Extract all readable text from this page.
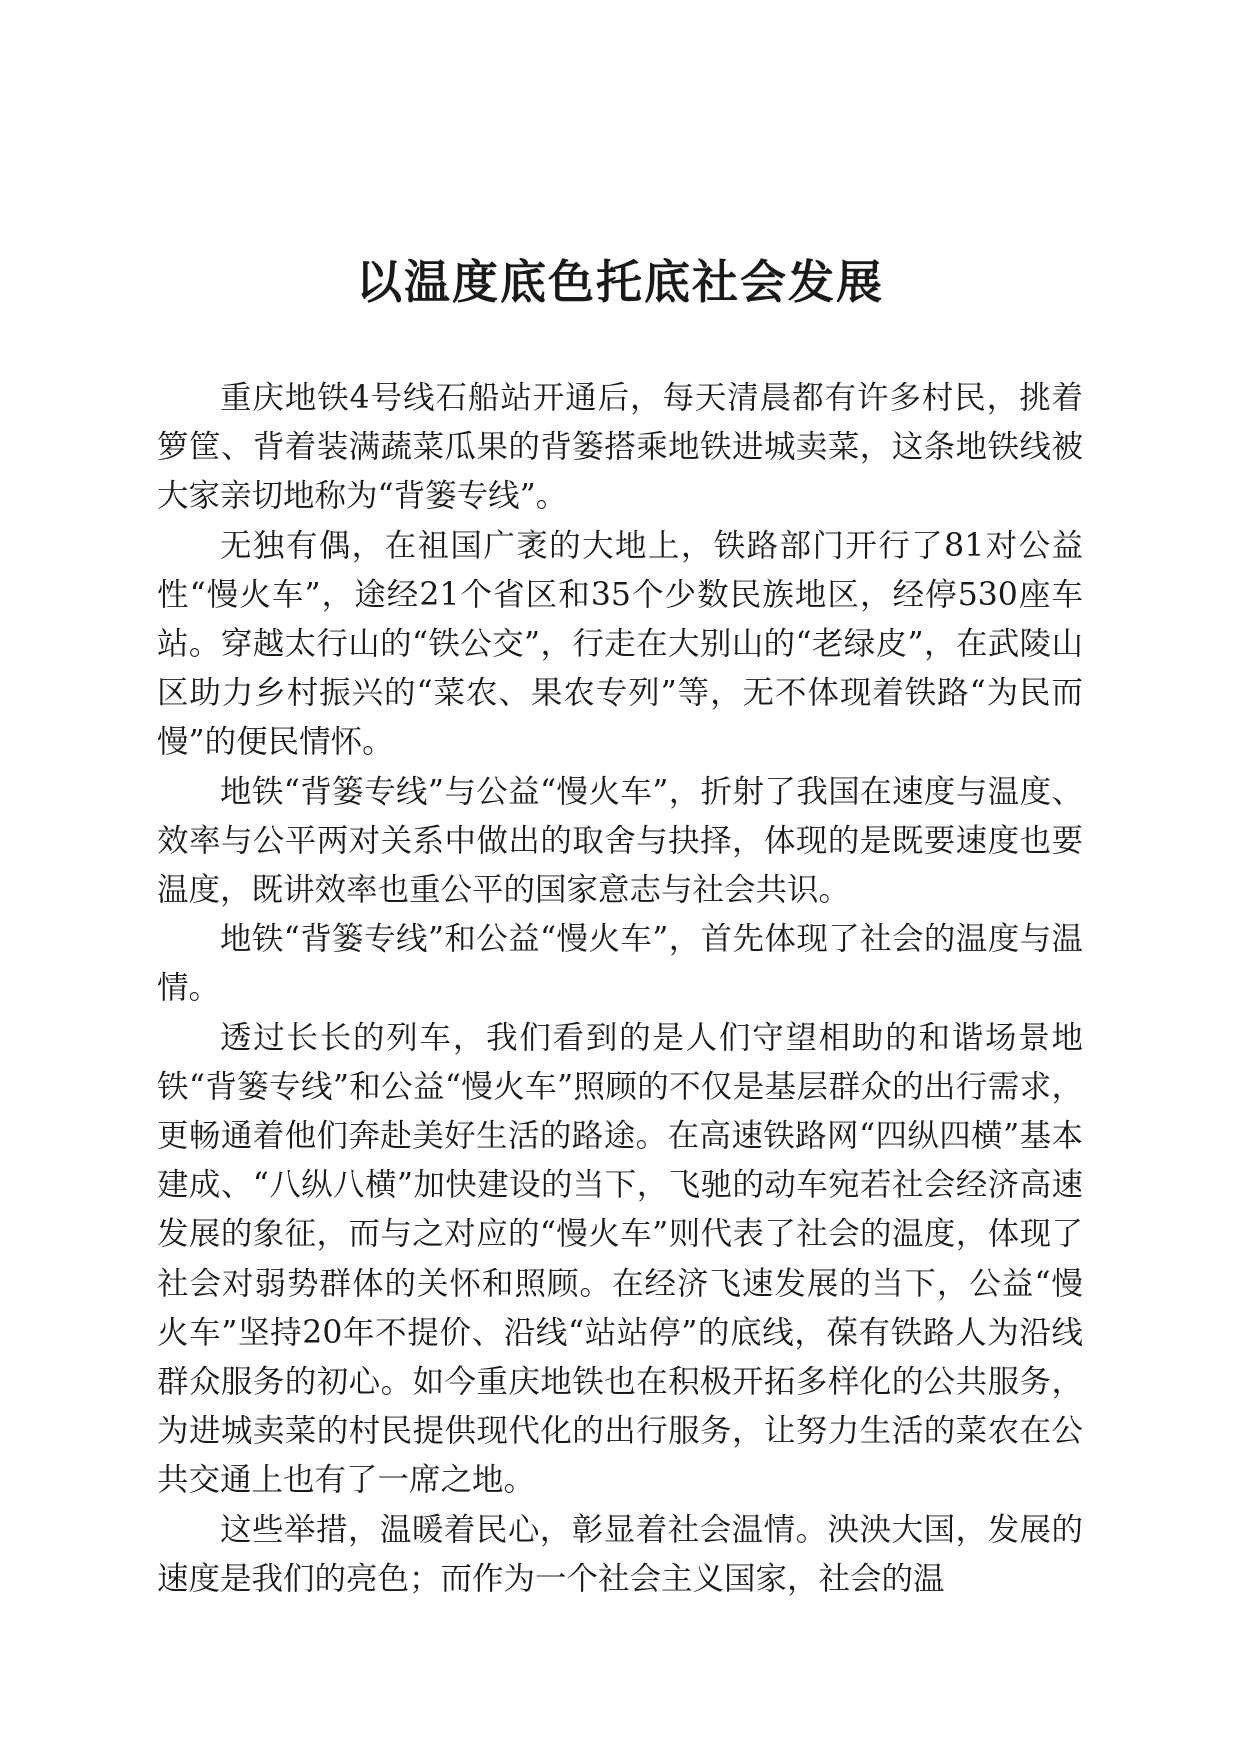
以温度底色托底社会发展

重庆地铁4号线石船站开通后，每天清晨都有许多村民，挑着箩筐、背着装满蔬菜瓜果的背篓搭乘地铁进城卖菜，这条地铁线被大家亲切地称为“背篓专线”。

无独有偶，在祖国广袤的大地上，铁路部门开行了81对公益性“慢火车”，途经21个省区和35个少数民族地区，经停530座车站。穿越太行山的“铁公交”，行走在大别山的“老绿皮”，在武陵山区助力乡村振兴的“菜农、果农专列”等，无不体现着铁路“为民而慢”的便民情怀。

地铁“背篓专线”与公益“慢火车”，折射了我国在速度与温度、效率与公平两对关系中做出的取舍与抉择，体现的是既要速度也要温度，既讲效率也重公平的国家意志与社会共识。

地铁“背篓专线”和公益“慢火车”，首先体现了社会的温度与温情。

透过长长的列车，我们看到的是人们守望相助的和谐场景地铁“背篓专线”和公益“慢火车”照顾的不仅是基层群众的出行需求，更畅通着他们奔赴美好生活的路途。在高速铁路网“四纵四横”基本建成、“八纵八横”加快建设的当下，飞驰的动车宛若社会经济高速发展的象征，而与之对应的“慢火车”则代表了社会的温度，体现了社会对弱势群体的关怀和照顾。在经济飞速发展的当下，公益“慢火车”坚持20年不提价、沿线“站站停”的底线，葆有铁路人为沿线群众服务的初心。如今重庆地铁也在积极开拓多样化的公共服务，为进城卖菜的村民提供现代化的出行服务，让努力生活的菜农在公共交通上也有了一席之地。

这些举措，温暖着民心，彰显着社会温情。泱泱大国，发展的速度是我们的亮色；而作为一个社会主义国家，社会的温
